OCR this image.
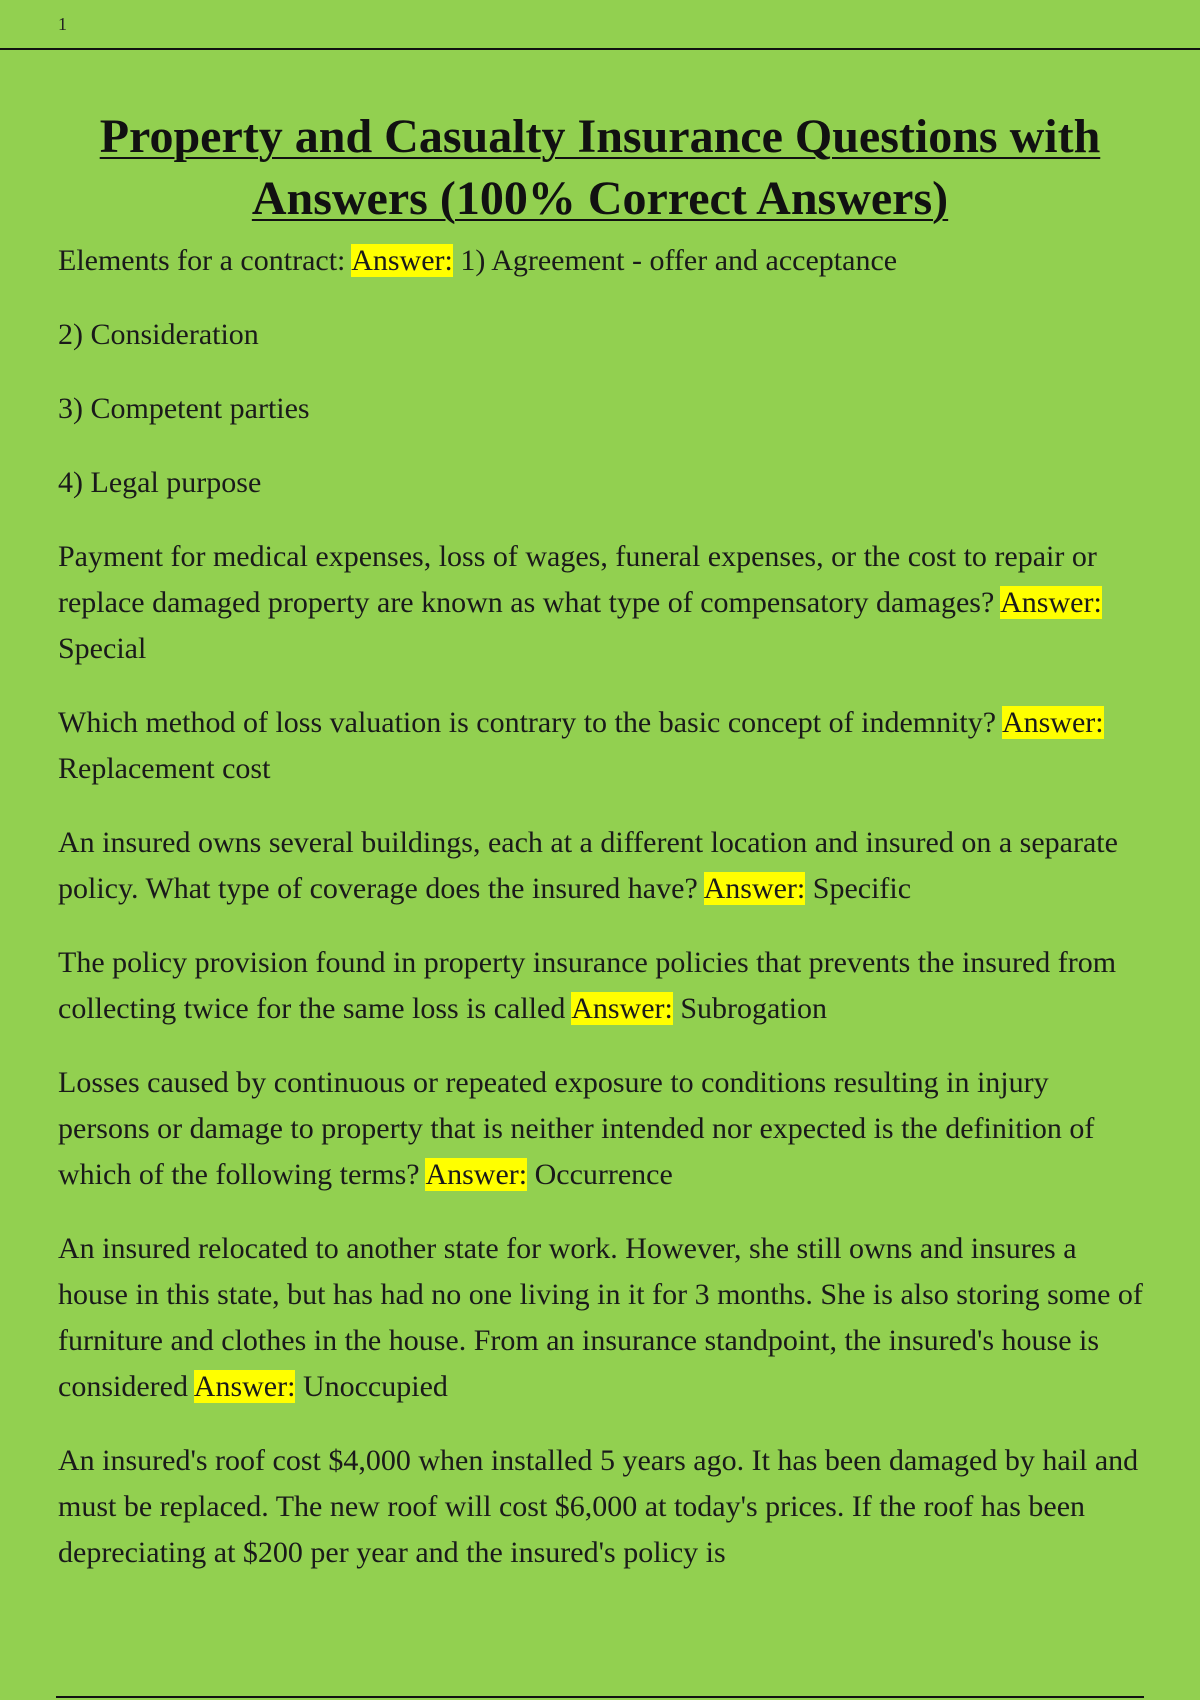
1
Property and Casualty Insurance Questions with Answers (100% Correct Answers)

Elements for a contract: Answer: 1) Agreement - offer and acceptance

2) Consideration

3) Competent parties

4) Legal purpose

Payment for medical expenses, loss of wages, funeral expenses, or the cost to repair or replace damaged property are known as what type of compensatory damages? Answer: Special

Which method of loss valuation is contrary to the basic concept of indemnity? Answer: Replacement cost

An insured owns several buildings, each at a different location and insured on a separate policy. What type of coverage does the insured have? Answer: Specific

The policy provision found in property insurance policies that prevents the insured from collecting twice for the same loss is called Answer: Subrogation

Losses caused by continuous or repeated exposure to conditions resulting in injury persons or damage to property that is neither intended nor expected is the definition of which of the following terms? Answer: Occurrence

An insured relocated to another state for work. However, she still owns and insures a house in this state, but has had no one living in it for 3 months. She is also storing some of furniture and clothes in the house. From an insurance standpoint, the insured's house is considered Answer: Unoccupied

An insured's roof cost $4,000 when installed 5 years ago. It has been damaged by hail and must be replaced. The new roof will cost $6,000 at today's prices. If the roof has been depreciating at $200 per year and the insured's policy is
